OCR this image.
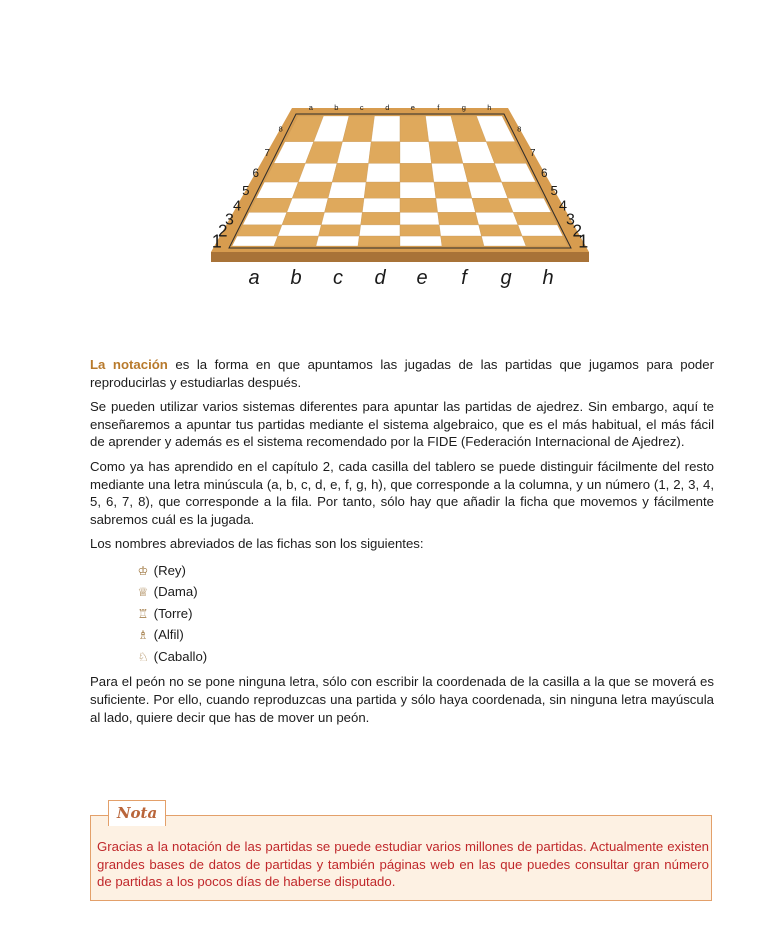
8	8
7	7
6	6
5	5
4	4
3	3
2	2
1	1
a	b	c	d	e	f	g	h
a b c d e f g h

La notación es la forma en que apuntamos las jugadas de las partidas que jugamos para poder reproducirlas y estudiarlas después.

Se pueden utilizar varios sistemas diferentes para apuntar las partidas de ajedrez. Sin embargo, aquí te enseñaremos a apuntar tus partidas mediante el sistema algebraico, que es el más habitual, el más fácil de aprender y además es el sistema recomendado por la FIDE (Federación Internacional de Ajedrez).

Como ya has aprendido en el capítulo 2, cada casilla del tablero se puede distinguir fácilmente del resto mediante una letra minúscula (a, b, c, d, e, f, g, h), que corresponde a la columna, y un número (1, 2, 3, 4, 5, 6, 7, 8), que corresponde a la fila. Por tanto, sólo hay que añadir la ficha que movemos y fácilmente sabremos cuál es la jugada.

Los nombres abreviados de las fichas son los siguientes:

♔ (Rey)
♕ (Dama)
♖ (Torre)
♗ (Alfil)
♘ (Caballo)

Para el peón no se pone ninguna letra, sólo con escribir la coordenada de la casilla a la que se moverá es suficiente. Por ello, cuando reproduzcas una partida y sólo haya coordenada, sin ninguna letra mayúscula al lado, quiere decir que has de mover un peón.

Nota
Gracias a la notación de las partidas se puede estudiar varios millones de partidas. Actualmente existen grandes bases de datos de partidas y también páginas web en las que puedes consultar gran número de partidas a los pocos días de haberse disputado.
